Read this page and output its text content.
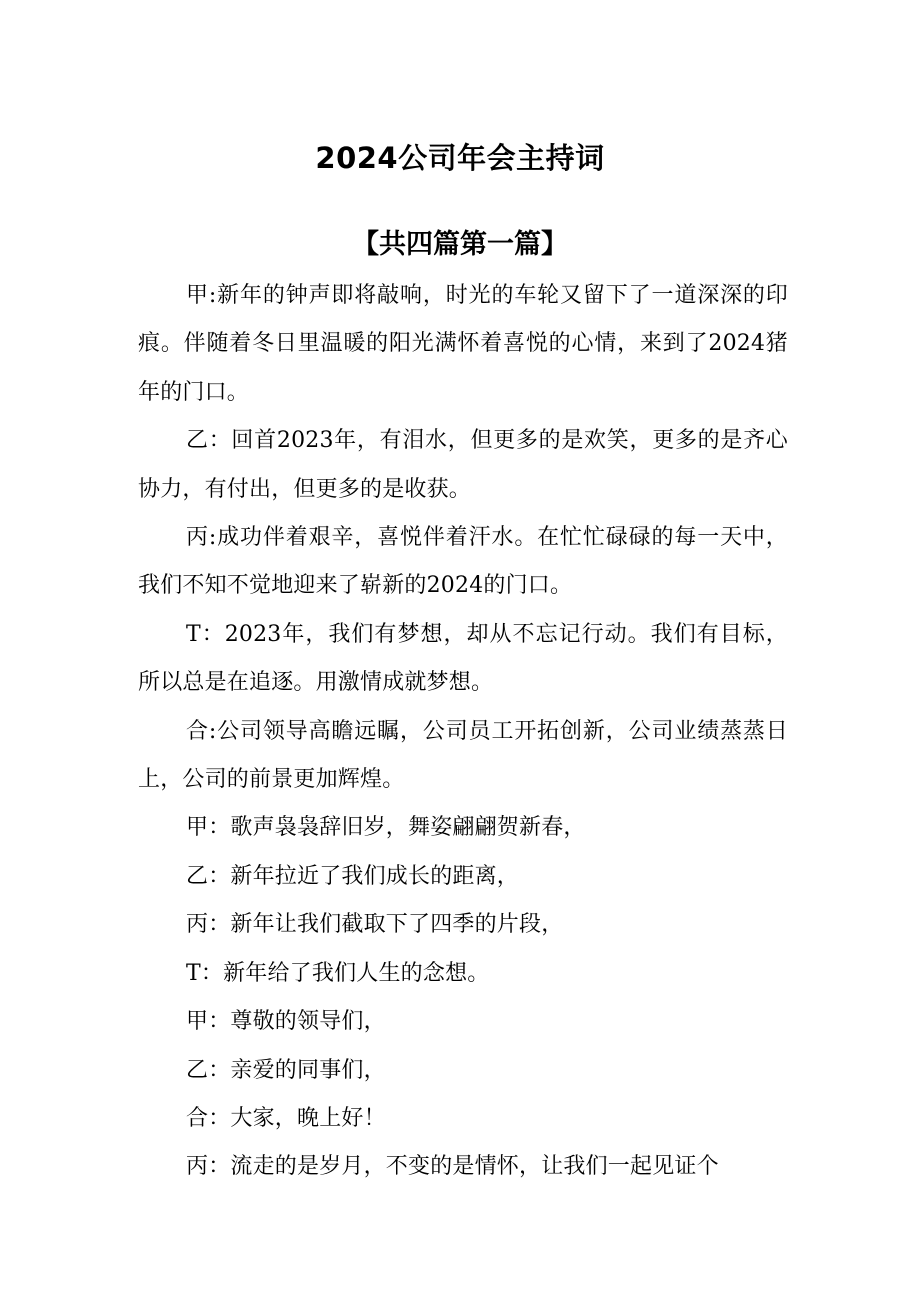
2024公司年会主持词
【共四篇第一篇】

甲:新年的钟声即将敲响，时光的车轮又留下了一道深深的印痕。伴随着冬日里温暖的阳光满怀着喜悦的心情，来到了2024猪年的门口。

乙：回首2023年，有泪水，但更多的是欢笑，更多的是齐心协力，有付出，但更多的是收获。

丙:成功伴着艰辛，喜悦伴着汗水。在忙忙碌碌的每一天中，我们不知不觉地迎来了崭新的2024的门口。

T：2023年，我们有梦想，却从不忘记行动。我们有目标，所以总是在追逐。用激情成就梦想。

合:公司领导高瞻远瞩，公司员工开拓创新，公司业绩蒸蒸日上，公司的前景更加辉煌。

甲：歌声袅袅辞旧岁，舞姿翩翩贺新春，

乙：新年拉近了我们成长的距离，

丙：新年让我们截取下了四季的片段，

T：新年给了我们人生的念想。

甲：尊敬的领导们，

乙：亲爱的同事们，

合：大家，晚上好！

丙：流走的是岁月，不变的是情怀，让我们一起见证个
